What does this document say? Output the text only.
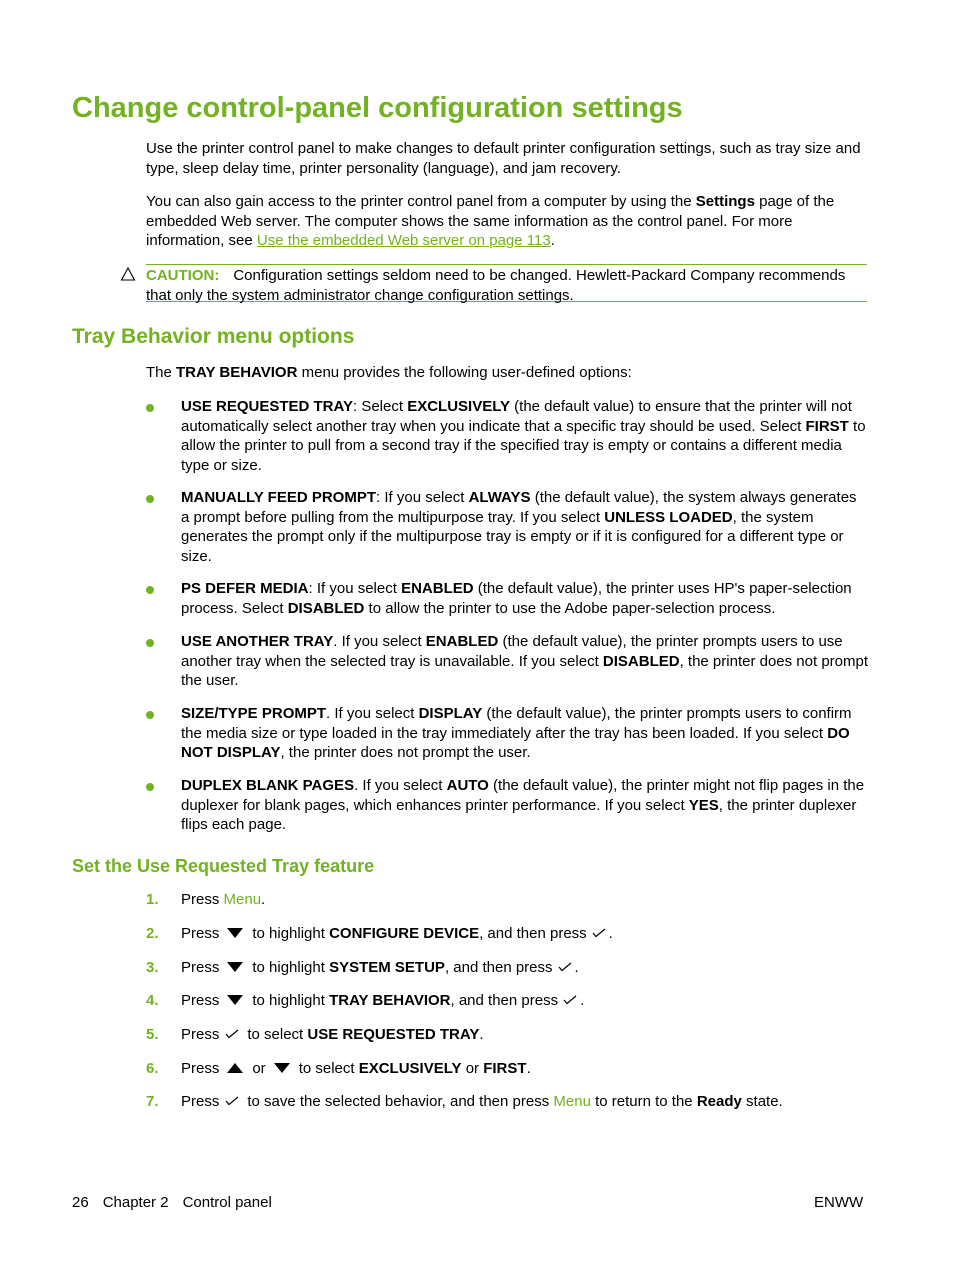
Change control-panel configuration settings

Use the printer control panel to make changes to default printer configuration settings, such as tray size and type, sleep delay time, printer personality (language), and jam recovery.

You can also gain access to the printer control panel from a computer by using the Settings page of the embedded Web server. The computer shows the same information as the control panel. For more information, see Use the embedded Web server on page 113.

CAUTION: Configuration settings seldom need to be changed. Hewlett-Packard Company recommends that only the system administrator change configuration settings.
Tray Behavior menu options

The TRAY BEHAVIOR menu provides the following user-defined options:

USE REQUESTED TRAY: Select EXCLUSIVELY (the default value) to ensure that the printer will not automatically select another tray when you indicate that a specific tray should be used. Select FIRST to allow the printer to pull from a second tray if the specified tray is empty or contains a different media type or size.

MANUALLY FEED PROMPT: If you select ALWAYS (the default value), the system always generates a prompt before pulling from the multipurpose tray. If you select UNLESS LOADED, the system generates the prompt only if the multipurpose tray is empty or if it is configured for a different type or size.

PS DEFER MEDIA: If you select ENABLED (the default value), the printer uses HP's paper-selection process. Select DISABLED to allow the printer to use the Adobe paper-selection process.

USE ANOTHER TRAY. If you select ENABLED (the default value), the printer prompts users to use another tray when the selected tray is unavailable. If you select DISABLED, the printer does not prompt the user.

SIZE/TYPE PROMPT. If you select DISPLAY (the default value), the printer prompts users to confirm the media size or type loaded in the tray immediately after the tray has been loaded. If you select DO NOT DISPLAY, the printer does not prompt the user.

DUPLEX BLANK PAGES. If you select AUTO (the default value), the printer might not flip pages in the duplexer for blank pages, which enhances printer performance. If you select YES, the printer duplexer flips each page.

Set the Use Requested Tray feature
1. Press Menu.
2. Press to highlight CONFIGURE DEVICE, and then press .
3. Press to highlight SYSTEM SETUP, and then press .
4. Press to highlight TRAY BEHAVIOR, and then press .
5. Press to select USE REQUESTED TRAY.
6. Press or to select EXCLUSIVELY or FIRST.
7. Press to save the selected behavior, and then press Menu to return to the Ready state.
26 Chapter 2 Control panel	ENWW
